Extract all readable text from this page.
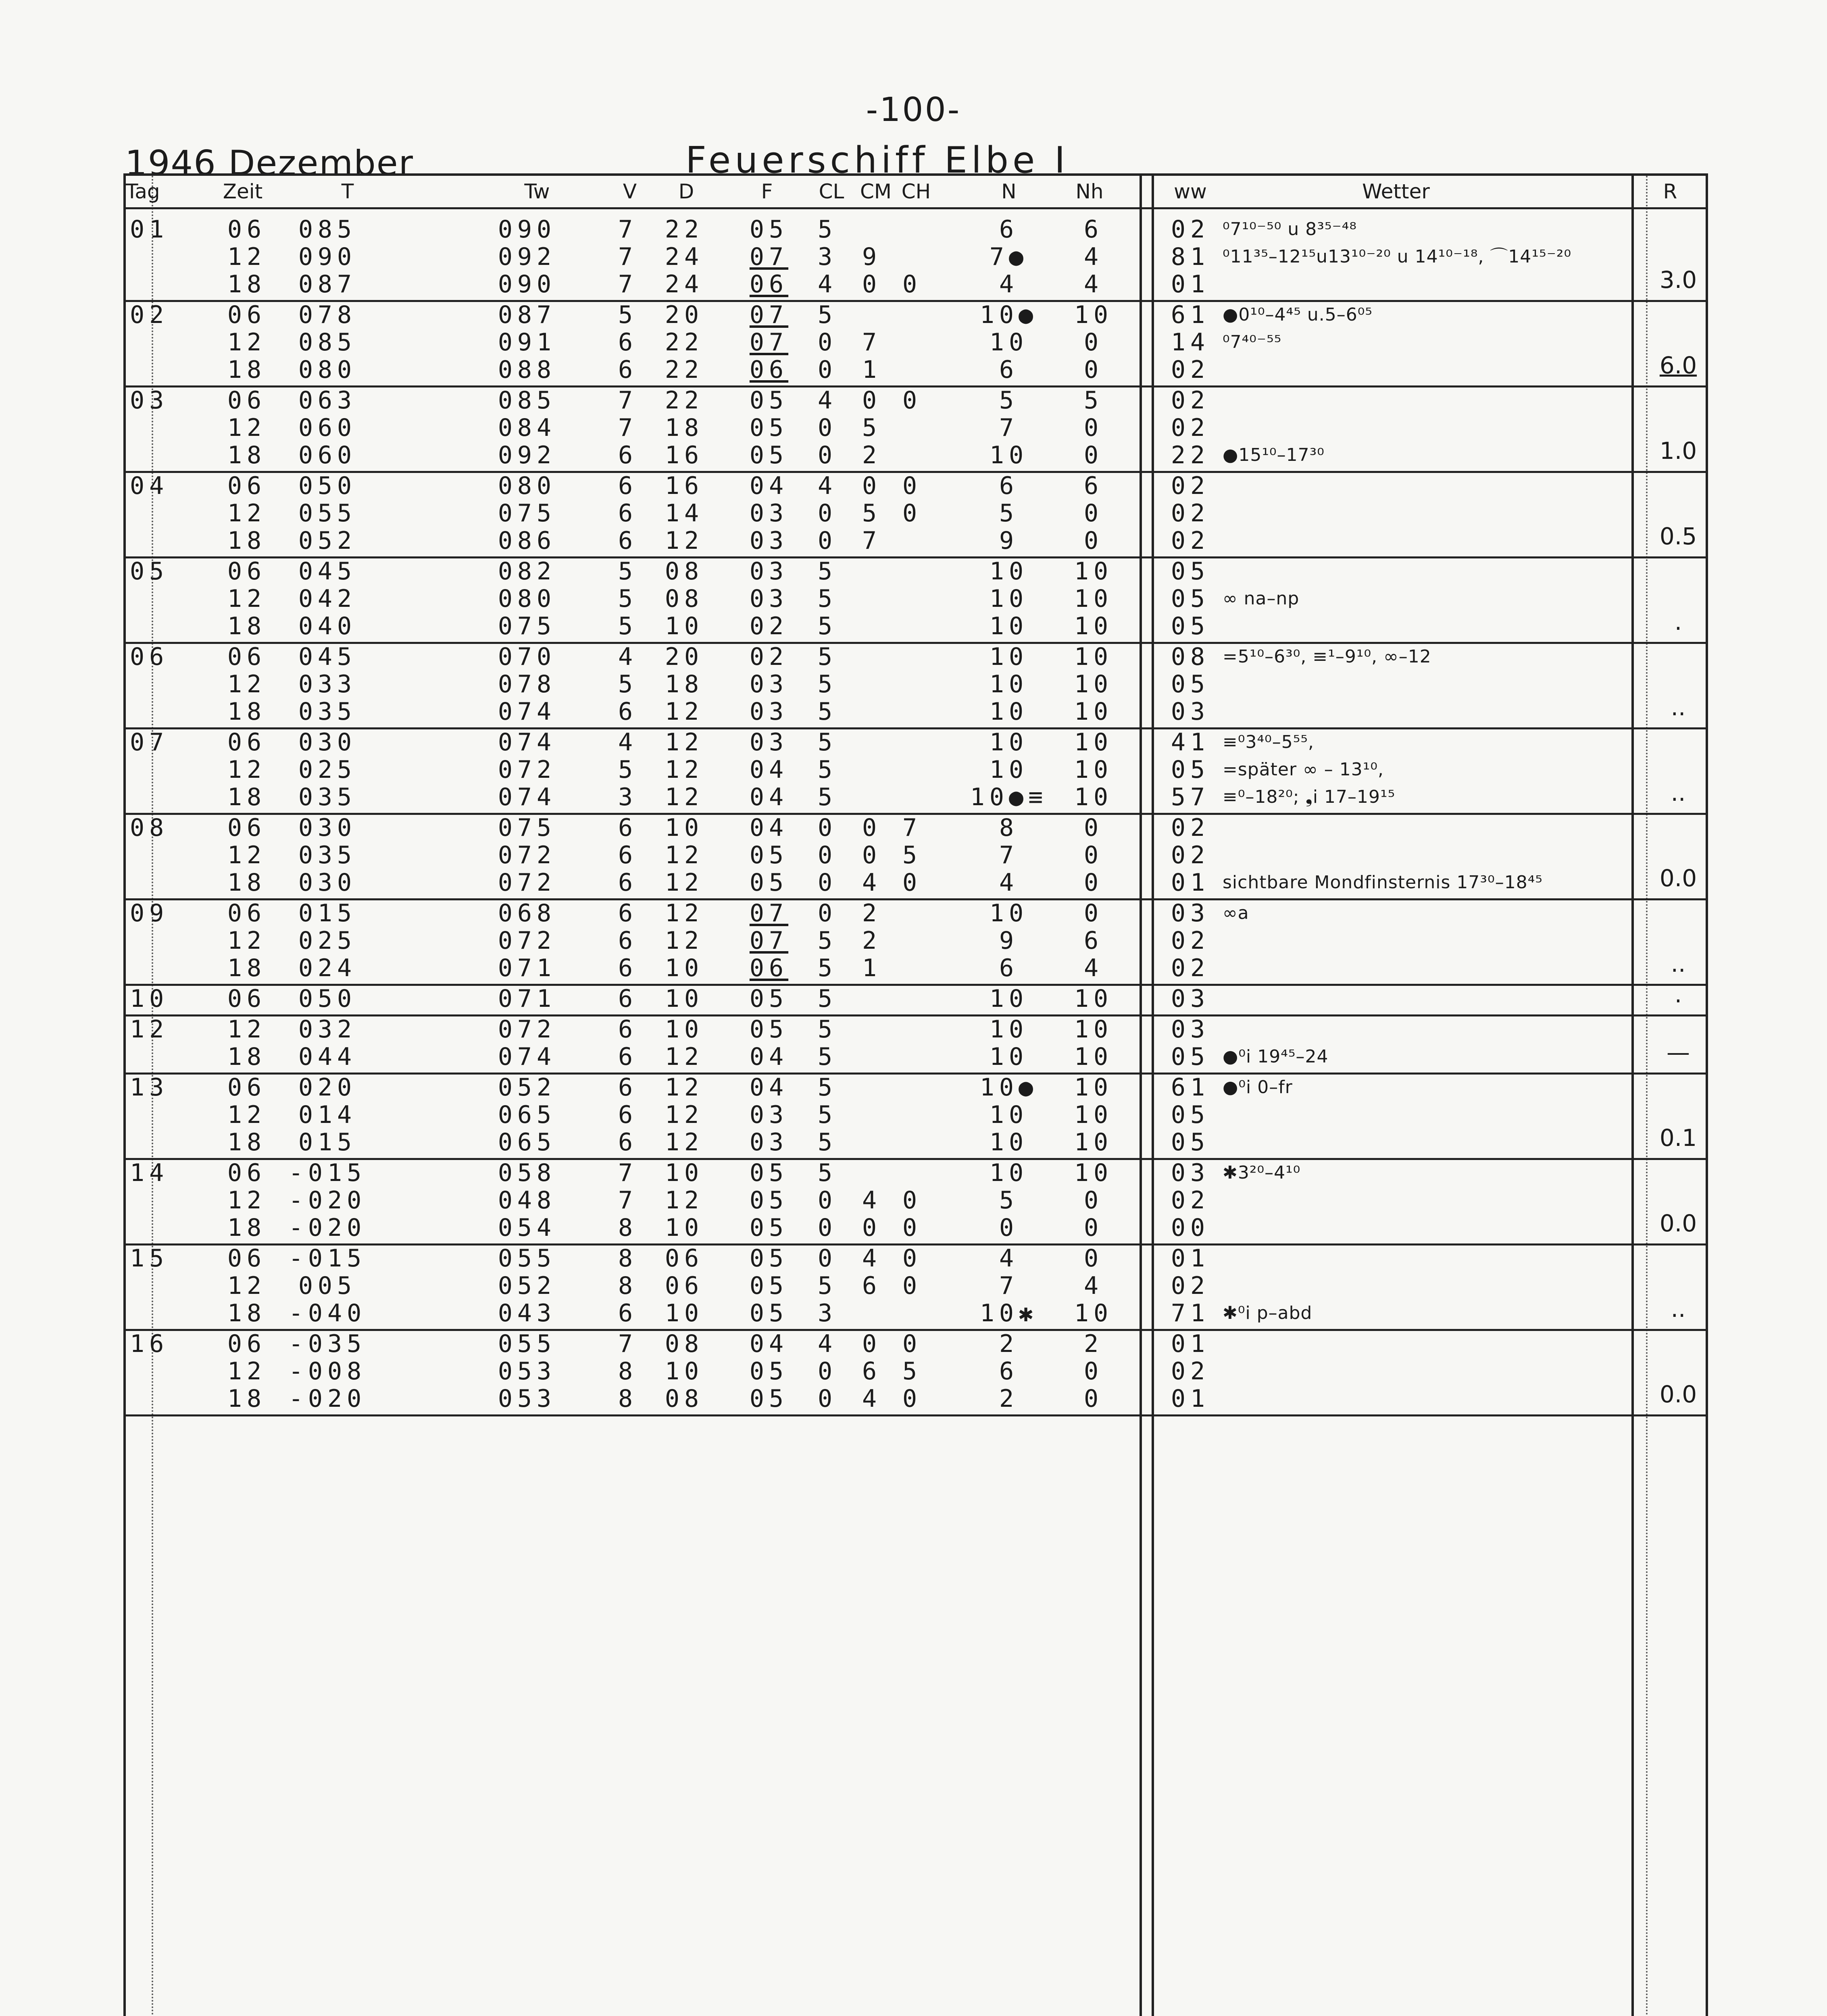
-100-
1946 Dezember	Feuerschiff Elbe I
Tag	Zeit	T	Tw	V	D	F	CL CM CH	N	Nh	ww	Wetter	R
01	06	085	090	7	22	05	5	6	6	02 ⁰7¹⁰⁻⁵⁰ u 8³⁵⁻⁴⁸
12	090	092	7	24	07	3 9	7●	4	81 ⁰11³⁵–12¹⁵u13¹⁰⁻²⁰ u 14¹⁰⁻¹⁸, ⌒14¹⁵⁻²⁰
18	087	090	7	24	06	4 0 0	4	4	01	3.0
02	06	078	087	5	20	07	5	10●	10	61 ●0¹⁰–4⁴⁵ u.5–6⁰⁵
12	085	091	6	22	07	0 7	10	0	14 ⁰7⁴⁰⁻⁵⁵
18	080	088	6	22	06	0 1	6	0	02	6.0
03	06	063	085	7	22	05	4 0 0	5	5	02
12	060	084	7	18	05	0 5	7	0	02
18	060	092	6	16	05	0 2	10	0	22 ●15¹⁰–17³⁰	1.0
04	06	050	080	6	16	04	4 0 0	6	6	02
12	055	075	6	14	03	0 5 0	5	0	02
18	052	086	6	12	03	0 7	9	0	02	0.5
05	06	045	082	5	08	03	5	10	10	05
12	042	080	5	08	03	5	10	10	05 ∞ na–np
18	040	075	5	10	02	5	10	10	05	.
06	06	045	070	4	20	02	5	10	10	08 =5¹⁰–6³⁰, ≡¹–9¹⁰, ∞–12
12	033	078	5	18	03	5	10	10	05
18	035	074	6	12	03	5	10	10	03	..
07	06	030	074	4	12	03	5	10	10	41 ≡⁰3⁴⁰–5⁵⁵,
12	025	072	5	12	04	5	10	10	05 =später ∞ – 13¹⁰,
18	035	074	3	12	04	5	10●≡	10	57 ≡⁰–18²⁰; ❟i 17–19¹⁵	..
08	06	030	075	6	10	04	0 0 7	8	0	02
12	035	072	6	12	05	0 0 5	7	0	02
18	030	072	6	12	05	0 4 0	4	0	01 sichtbare Mondfinsternis 17³⁰–18⁴⁵	0.0
09	06	015	068	6	12	07	0 2	10	0	03 ∞a
12	025	072	6	12	07	5 2	9	6	02
18	024	071	6	10	06	5 1	6	4	02	..
10	06	050	071	6	10	05	5	10	10	03	.
12	12	032	072	6	10	05	5	10	10	03
18	044	074	6	12	04	5	10	10	05 ●⁰i 19⁴⁵–24	—
13	06	020	052	6	12	04	5	10●	10	61 ●⁰i 0–fr
12	014	065	6	12	03	5	10	10	05
18	015	065	6	12	03	5	10	10	05	0.1
14	06 -015	058	7	10	05	5	10	10	03 ✱3²⁰–4¹⁰
12 -020	048	7	12	05	0 4 0	5	0	02
18 -020	054	8	10	05	0 0 0	0	0	00	0.0
15	06 -015	055	8	06	05	0 4 0	4	0	01
12	005	052	8	06	05	5 6 0	7	4	02
18 -040	043	6	10	05	3	10✱	10	71 ✱⁰i p–abd	..
16	06 -035	055	7	08	04	4 0 0	2	2	01
12 -008	053	8	10	05	0 6 5	6	0	02
18 -020	053	8	08	05	0 4 0	2	0	01	0.0
